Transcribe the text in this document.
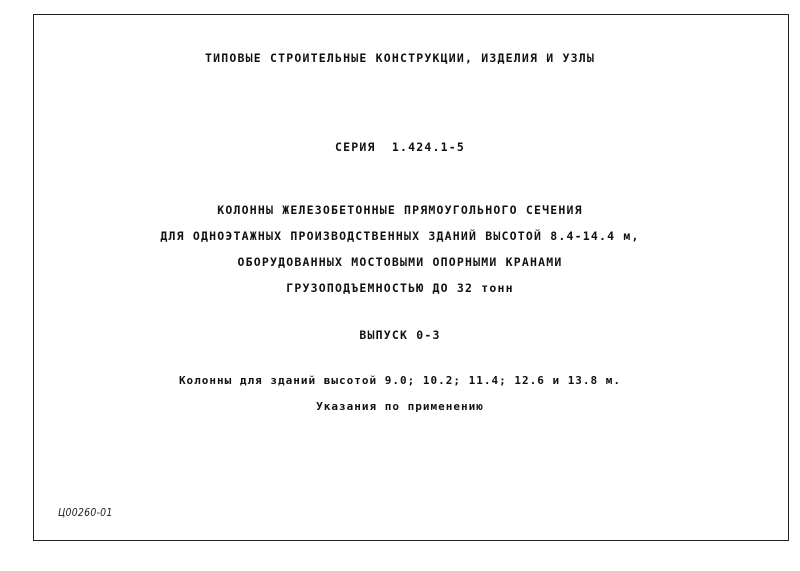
ТИПОВЫЕ СТРОИТЕЛЬНЫЕ КОНСТРУКЦИИ, ИЗДЕЛИЯ И УЗЛЫ
СЕРИЯ  1.424.1-5
КОЛОННЫ ЖЕЛЕЗОБЕТОННЫЕ ПРЯМОУГОЛЬНОГО СЕЧЕНИЯ
ДЛЯ ОДНОЭТАЖНЫХ ПРОИЗВОДСТВЕННЫХ ЗДАНИЙ ВЫСОТОЙ 8.4-14.4 м,
ОБОРУДОВАННЫХ МОСТОВЫМИ ОПОРНЫМИ КРАНАМИ
ГРУЗОПОДЪЕМНОСТЬЮ ДО 32 тонн
ВЫПУСК 0-3
Колонны для зданий высотой 9.0; 10.2; 11.4; 12.6 и 13.8 м.
Указания по применению
Ц00260-01
